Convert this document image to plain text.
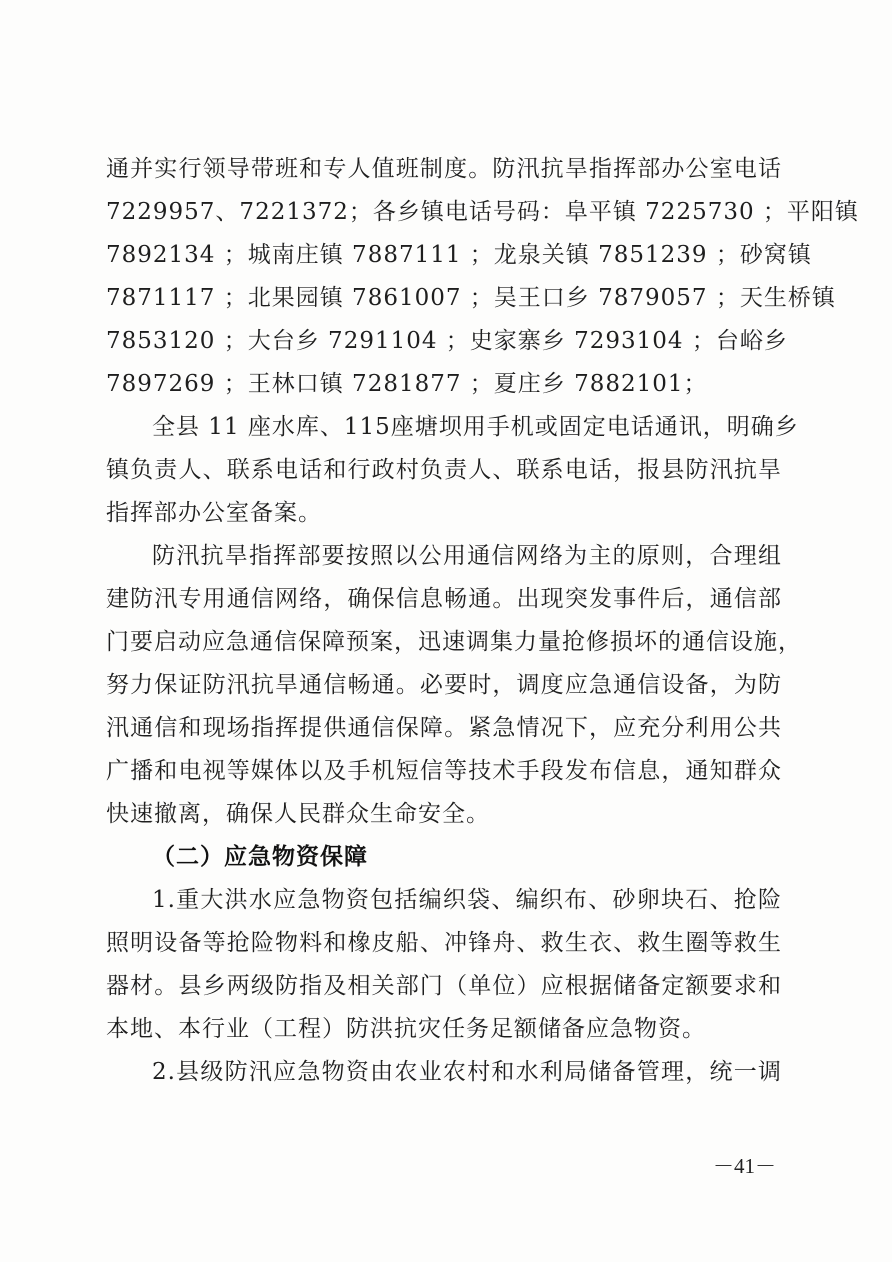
通并实行领导带班和专人值班制度。防汛抗旱指挥部办公室电话
7229957、7221372；各乡镇电话号码：阜平镇 7225730 ；平阳镇
7892134 ；城南庄镇 7887111 ；龙泉关镇 7851239 ；砂窝镇
7871117 ；北果园镇 7861007 ；吴王口乡 7879057 ；天生桥镇
7853120 ；大台乡 7291104 ；史家寨乡 7293104 ；台峪乡
7897269 ；王林口镇 7281877 ；夏庄乡 7882101；

全县 11 座水库、115座塘坝用手机或固定电话通讯，明确乡
镇负责人、联系电话和行政村负责人、联系电话，报县防汛抗旱
指挥部办公室备案。

防汛抗旱指挥部要按照以公用通信网络为主的原则，合理组
建防汛专用通信网络，确保信息畅通。出现突发事件后，通信部
门要启动应急通信保障预案，迅速调集力量抢修损坏的通信设施，
努力保证防汛抗旱通信畅通。必要时，调度应急通信设备，为防
汛通信和现场指挥提供通信保障。紧急情况下，应充分利用公共
广播和电视等媒体以及手机短信等技术手段发布信息，通知群众
快速撤离，确保人民群众生命安全。

（二）应急物资保障

1.重大洪水应急物资包括编织袋、编织布、砂卵块石、抢险
照明设备等抢险物料和橡皮船、冲锋舟、救生衣、救生圈等救生
器材。县乡两级防指及相关部门（单位）应根据储备定额要求和
本地、本行业（工程）防洪抗灾任务足额储备应急物资。

2.县级防汛应急物资由农业农村和水利局储备管理，统一调

－41－
